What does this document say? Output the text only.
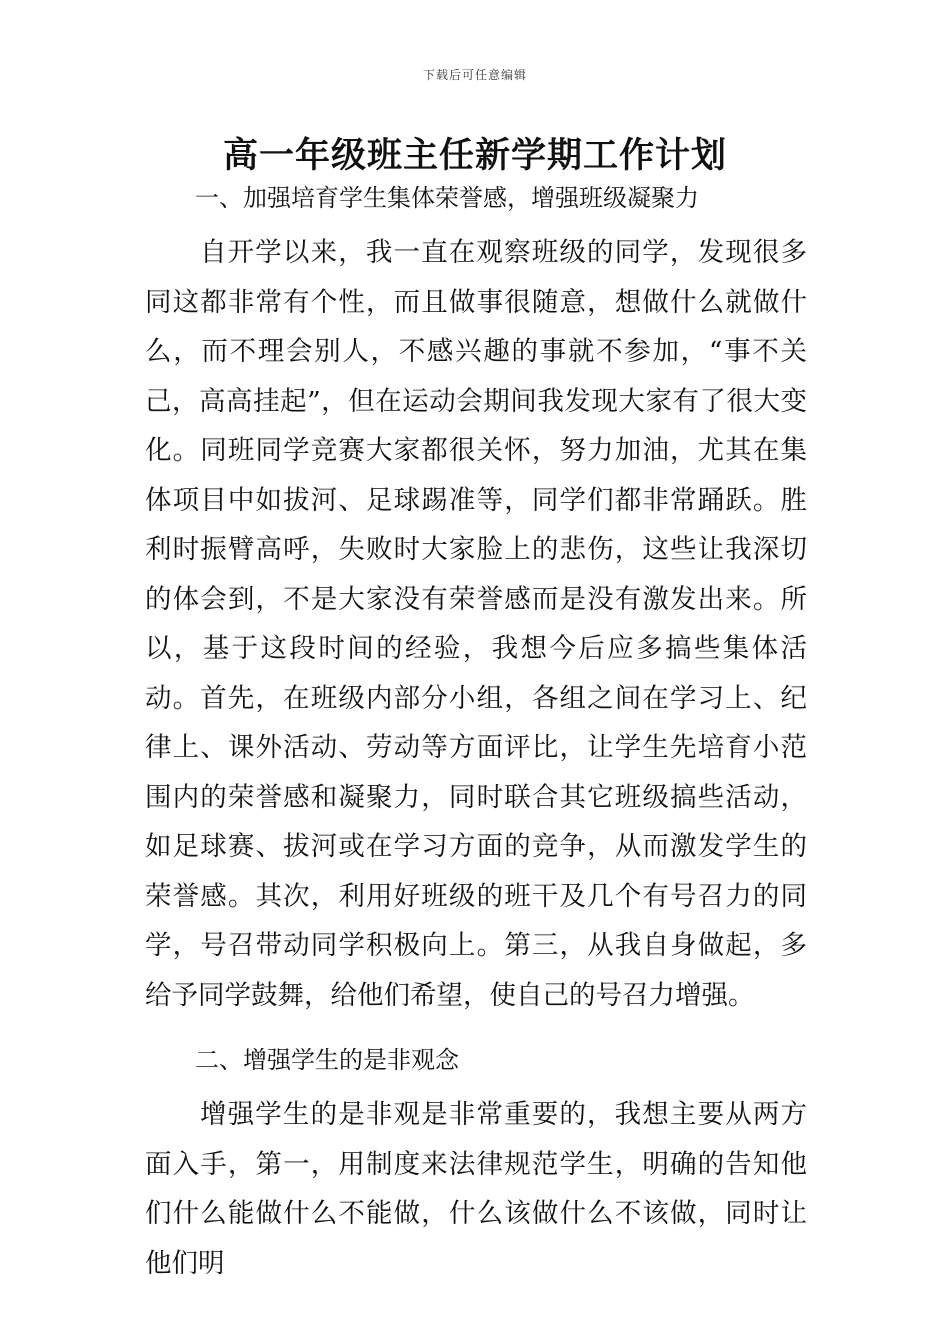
下载后可任意编辑
高一年级班主任新学期工作计划

一、加强培育学生集体荣誉感，增强班级凝聚力

自开学以来，我一直在观察班级的同学，发现很多同这都非常有个性，而且做事很随意，想做什么就做什么，而不理会别人，不感兴趣的事就不参加，“事不关己，高高挂起”，但在运动会期间我发现大家有了很大变化。同班同学竞赛大家都很关怀，努力加油，尤其在集体项目中如拔河、足球踢准等，同学们都非常踊跃。胜利时振臂高呼，失败时大家脸上的悲伤，这些让我深切的体会到，不是大家没有荣誉感而是没有激发出来。所以，基于这段时间的经验，我想今后应多搞些集体活动。首先，在班级内部分小组，各组之间在学习上、纪律上、课外活动、劳动等方面评比，让学生先培育小范围内的荣誉感和凝聚力，同时联合其它班级搞些活动，如足球赛、拔河或在学习方面的竞争，从而激发学生的荣誉感。其次，利用好班级的班干及几个有号召力的同学，号召带动同学积极向上。第三，从我自身做起，多给予同学鼓舞，给他们希望，使自己的号召力增强。

二、增强学生的是非观念

增强学生的是非观是非常重要的，我想主要从两方面入手，第一，用制度来法律规范学生，明确的告知他们什么能做什么不能做，什么该做什么不该做，同时让他们明
